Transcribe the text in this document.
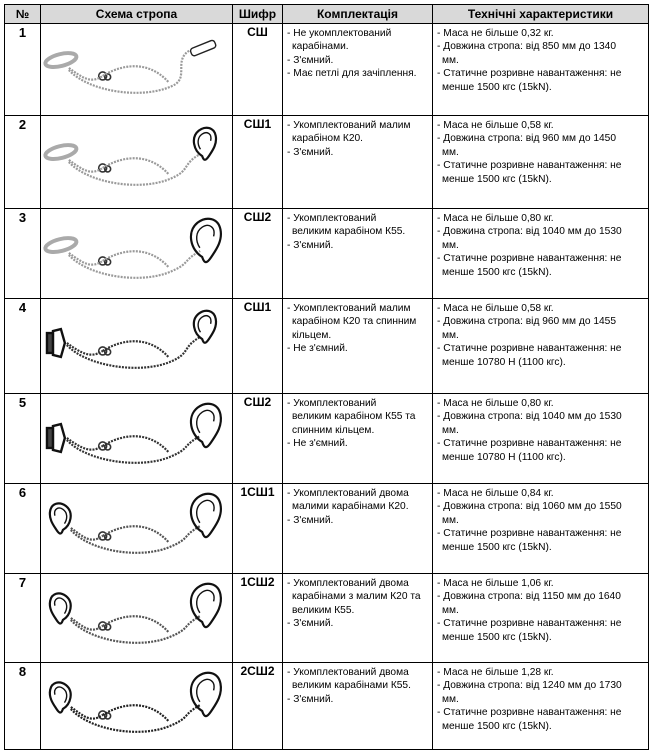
№	Схема стропа	Шифр	Комплектація	Технічні характеристики
1		СШ	- Не укомплектований
карабінами.
- З'ємний.
- Має петлі для зачіплення.	- Маса не більше 0,32 кг.
- Довжина стропа: від 850 мм до 1340
мм.
- Статичне розривне навантаження: не
менше 1500 кгс (15kN).

2		СШ1	- Укомплектований малим
карабіном К20.
- З'ємний.	- Маса не більше 0,58 кг.
- Довжина стропа: від 960 мм до 1450
мм.
- Статичне розривне навантаження: не
менше 1500 кгс (15kN).

3		СШ2	- Укомплектований
великим карабіном К55.
- З'ємний.	- Маса не більше 0,80 кг.
- Довжина стропа: від 1040 мм до 1530
мм.
- Статичне розривне навантаження: не
менше 1500 кгс (15kN).

4		СШ1	- Укомплектований малим
карабіном К20 та спинним
кільцем.
- Не з'ємний.	- Маса не більше 0,58 кг.
- Довжина стропа: від 960 мм до 1455
мм.
- Статичне розривне навантаження: не
менше 10780 Н (1100 кгс).

5		СШ2	- Укомплектований
великим карабіном К55 та
спинним кільцем.
- Не з'ємний.	- Маса не більше 0,80 кг.
- Довжина стропа: від 1040 мм до 1530
мм.
- Статичне розривне навантаження: не
менше 10780 Н (1100 кгс).

6		1СШ1	- Укомплектований двома
малими карабінами К20.
- З'ємний.	- Маса не більше 0,84 кг.
- Довжина стропа: від 1060 мм до 1550
мм.
- Статичне розривне навантаження: не
менше 1500 кгс (15kN).

7		1СШ2	- Укомплектований двома
карабінами з малим К20 та
великим К55.
- З'ємний.	- Маса не більше 1,06 кг.
- Довжина стропа: від 1150 мм до 1640
мм.
- Статичне розривне навантаження: не
менше 1500 кгс (15kN).

8		2СШ2	- Укомплектований двома
великим карабінами К55.
- З'ємний.	- Маса не більше 1,28 кг.
- Довжина стропа: від 1240 мм до 1730
мм.
- Статичне розривне навантаження: не
менше 1500 кгс (15kN).
